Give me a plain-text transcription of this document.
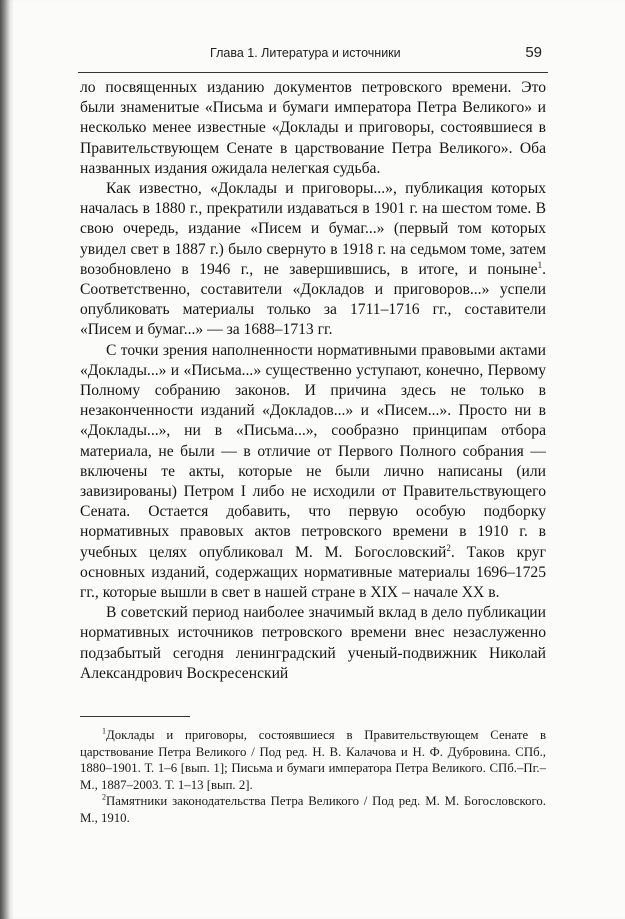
Глава 1. Литература и источники	59

ло посвященных изданию документов петровского времени. Это были знаменитые «Письма и бумаги императора Петра Великого» и несколько менее известные «Доклады и приговоры, состоявшиеся в Правительствующем Сенате в царствование Петра Великого». Оба названных издания ожидала нелегкая судьба.

Как известно, «Доклады и приговоры...», публикация которых началась в 1880 г., прекратили издаваться в 1901 г. на шестом томе. В свою очередь, издание «Писем и бумаг...» (первый том которых увидел свет в 1887 г.) было свернуто в 1918 г. на седьмом томе, затем возобновлено в 1946 г., не завершившись, в итоге, и поныне$^1$. Соответственно, составители «Докладов и приговоров...» успели опубликовать материалы только за 1711–1716 гг., составители «Писем и бумаг...» — за 1688–1713 гг.

С точки зрения наполненности нормативными правовыми актами «Доклады...» и «Письма...» существенно уступают, конечно, Первому Полному собранию законов. И причина здесь не только в незаконченности изданий «Докладов...» и «Писем...». Просто ни в «Доклады...», ни в «Письма...», сообразно принципам отбора материала, не были — в отличие от Первого Полного собрания — включены те акты, которые не были лично написаны (или завизированы) Петром I либо не исходили от Правительствующего Сената. Остается добавить, что первую особую подборку нормативных правовых актов петровского времени в 1910 г. в учебных целях опубликовал М. М. Богословский$^2$. Таков круг основных изданий, содержащих нормативные материалы 1696–1725 гг., которые вышли в свет в нашей стране в XIX – начале XX в.

В советский период наиболее значимый вклад в дело публикации нормативных источников петровского времени внес незаслуженно подзабытый сегодня ленинградский ученый-подвижник Николай Александрович Воскресенский

$^1$Доклады и приговоры, состоявшиеся в Правительствующем Сенате в царствование Петра Великого / Под ред. Н. В. Калачова и Н. Ф. Дубровина. СПб., 1880–1901. Т. 1–6 [вып. 1]; Письма и бумаги императора Петра Великого. СПб.–Пг.–М., 1887–2003. Т. 1–13 [вып. 2].

$^2$Памятники законодательства Петра Великого / Под ред. М. М. Богословского. М., 1910.
